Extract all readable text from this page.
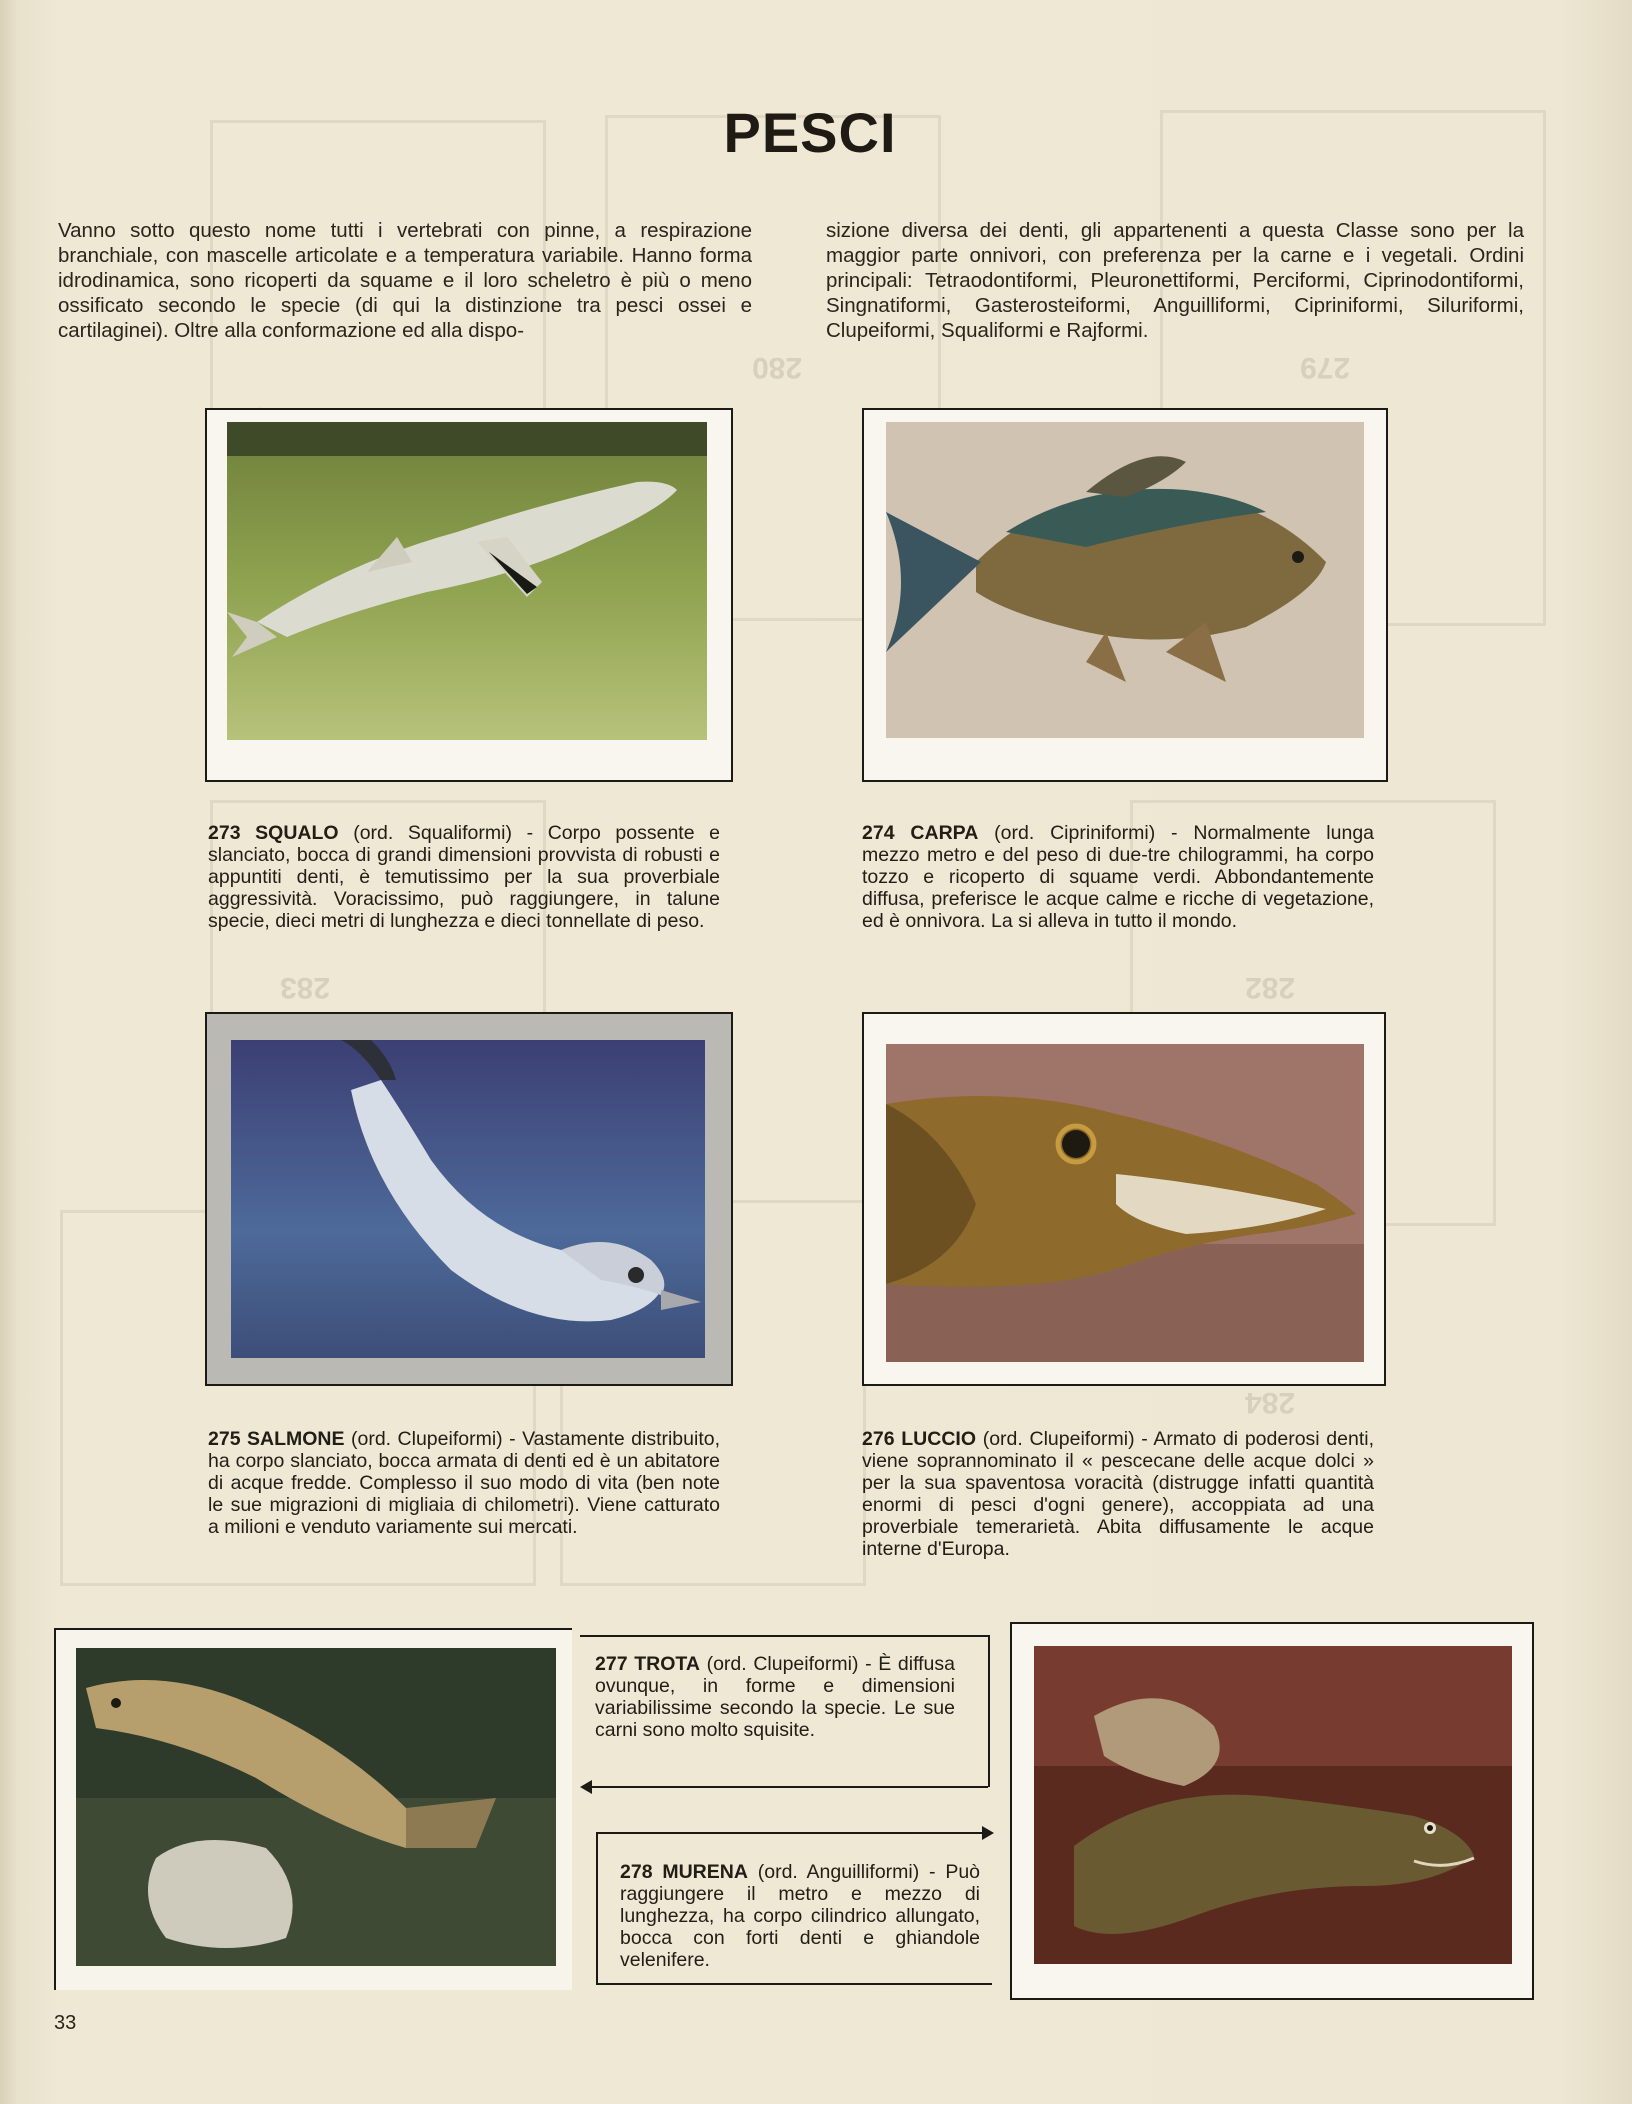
280	279
283	282
284
PESCI
Vanno sotto questo nome tutti i vertebrati con pinne, a respirazione branchiale, con mascelle articolate e a temperatura variabile. Hanno forma idrodinamica, sono ricoperti da squame e il loro scheletro è più o meno ossificato secondo le specie (di qui la distinzione tra pesci ossei e cartilaginei). Oltre alla conformazione ed alla dispo-
sizione diversa dei denti, gli appartenenti a questa Classe sono per la maggior parte onnivori, con preferenza per la carne e i vegetali. Ordini principali: Tetraodontiformi, Pleuronettiformi, Perciformi, Ciprinodontiformi, Singnatiformi, Gasterosteiformi, Anguilliformi, Cipriniformi, Siluriformi, Clupeiformi, Squaliformi e Rajformi.
273 SQUALO (ord. Squaliformi) - Corpo possente e slanciato, bocca di grandi dimensioni provvista di robusti e appuntiti denti, è temutissimo per la sua proverbiale aggressività. Voracissimo, può raggiungere, in talune specie, dieci metri di lunghezza e dieci tonnellate di peso.
274 CARPA (ord. Cipriniformi) - Normalmente lunga mezzo metro e del peso di due-tre chilogrammi, ha corpo tozzo e ricoperto di squame verdi. Abbondantemente diffusa, preferisce le acque calme e ricche di vegetazione, ed è onnivora. La si alleva in tutto il mondo.
275 SALMONE (ord. Clupeiformi) - Vastamente distribuito, ha corpo slanciato, bocca armata di denti ed è un abitatore di acque fredde. Complesso il suo modo di vita (ben note le sue migrazioni di migliaia di chilometri). Viene catturato a milioni e venduto variamente sui mercati.
276 LUCCIO (ord. Clupeiformi) - Armato di poderosi denti, viene soprannominato il « pescecane delle acque dolci » per la sua spaventosa voracità (distrugge infatti quantità enormi di pesci d'ogni genere), accoppiata ad una proverbiale temerarietà. Abita diffusamente le acque interne d'Europa.
277 TROTA (ord. Clupeiformi) - È diffusa ovunque, in forme e dimensioni variabilissime secondo la specie. Le sue carni sono molto squisite.
278 MURENA (ord. Anguilliformi) - Può raggiungere il metro e mezzo di lunghezza, ha corpo cilindrico allungato, bocca con forti denti e ghiandole velenifere.
33
